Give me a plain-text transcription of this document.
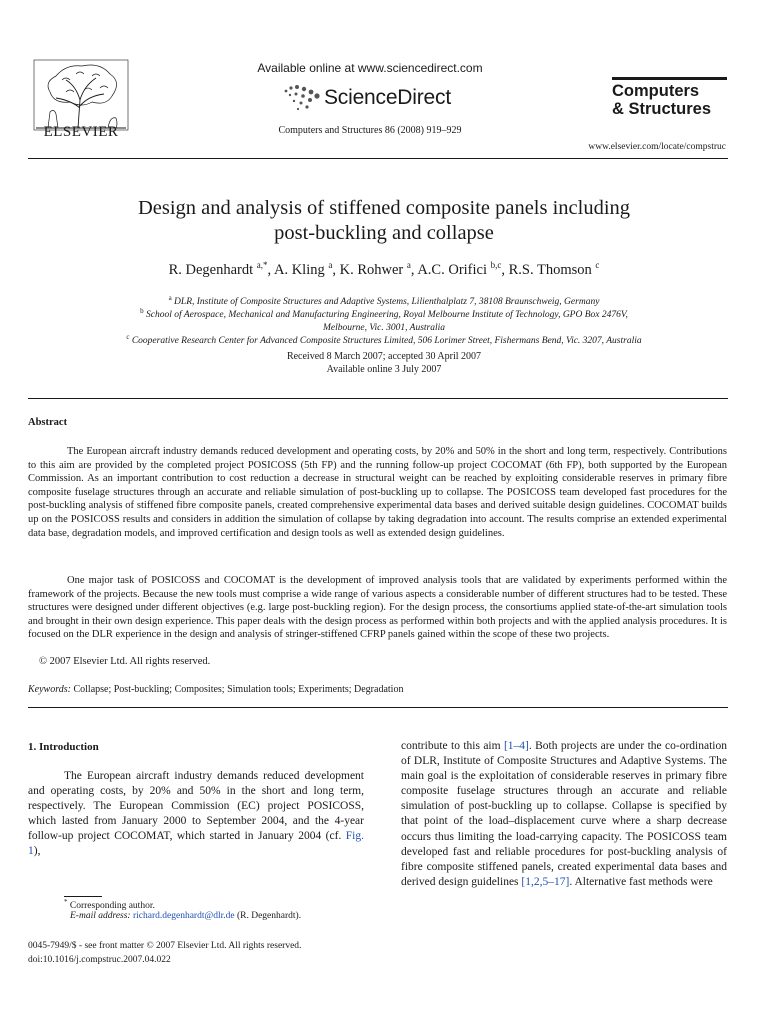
ELSEVIER
Available online at www.sciencedirect.com
ScienceDirect
Computers and Structures 86 (2008) 919–929
Computers
& Structures
www.elsevier.com/locate/compstruc
Design and analysis of stiffened composite panels including
post-buckling and collapse
R. Degenhardt $^{a,*}$, A. Kling $^a$, K. Rohwer $^a$, A.C. Orifici $^{b,c}$, R.S. Thomson $^c$
$^a$ DLR, Institute of Composite Structures and Adaptive Systems, Lilienthalplatz 7, 38108 Braunschweig, Germany
$^b$ School of Aerospace, Mechanical and Manufacturing Engineering, Royal Melbourne Institute of Technology, GPO Box 2476V,
Melbourne, Vic. 3001, Australia
$^c$ Cooperative Research Center for Advanced Composite Structures Limited, 506 Lorimer Street, Fishermans Bend, Vic. 3207, Australia
Received 8 March 2007; accepted 30 April 2007
Available online 3 July 2007
Abstract
The European aircraft industry demands reduced development and operating costs, by 20% and 50% in the short and long term, respectively. Contributions to this aim are provided by the completed project POSICOSS (5th FP) and the running follow-up project COCOMAT (6th FP), both supported by the European Commission. As an important contribution to cost reduction a decrease in structural weight can be reached by exploiting considerable reserves in primary fibre composite fuselage structures through an accurate and reliable simulation of post-buckling up to collapse. The POSICOSS team developed fast procedures for the post-buckling analysis of stiffened fibre composite panels, created comprehensive experimental data bases and derived suitable design guidelines. COCOMAT builds up on the POSICOSS results and considers in addition the simulation of collapse by taking degradation into account. The results comprise an extended experimental data base, degradation models, and improved certification and design tools as well as extended design guidelines.
One major task of POSICOSS and COCOMAT is the development of improved analysis tools that are validated by experiments performed within the framework of the projects. Because the new tools must comprise a wide range of various aspects a considerable number of different structures had to be tested. These structures were designed under different objectives (e.g. large post-buckling region). For the design process, the consortiums applied state-of-the-art simulation tools and brought in their own design experience. This paper deals with the design process as performed within both projects and with the applied analysis procedures. It is focused on the DLR experience in the design and analysis of stringer-stiffened CFRP panels gained within the scope of these two projects.
© 2007 Elsevier Ltd. All rights reserved.
Keywords: Collapse; Post-buckling; Composites; Simulation tools; Experiments; Degradation
1. Introduction
The European aircraft industry demands reduced development and operating costs, by 20% and 50% in the short and long term, respectively. The European Commission (EC) project POSICOSS, which lasted from January 2000 to September 2004, and the 4-year follow-up project COCOMAT, which started in January 2004 (cf. Fig. 1),
contribute to this aim [1–4]. Both projects are under the co-ordination of DLR, Institute of Composite Structures and Adaptive Systems. The main goal is the exploitation of considerable reserves in primary fibre composite fuselage structures through an accurate and reliable simulation of post-buckling up to collapse. Collapse is specified by that point of the load–displacement curve where a sharp decrease occurs thus limiting the load-carrying capacity. The POSICOSS team developed fast and reliable procedures for post-buckling analysis of fibre composite stiffened panels, created experimental data bases and derived design guidelines [1,2,5–17]. Alternative fast methods were
* Corresponding author.
E-mail address: richard.degenhardt@dlr.de (R. Degenhardt).
0045-7949/$ - see front matter © 2007 Elsevier Ltd. All rights reserved.
doi:10.1016/j.compstruc.2007.04.022
